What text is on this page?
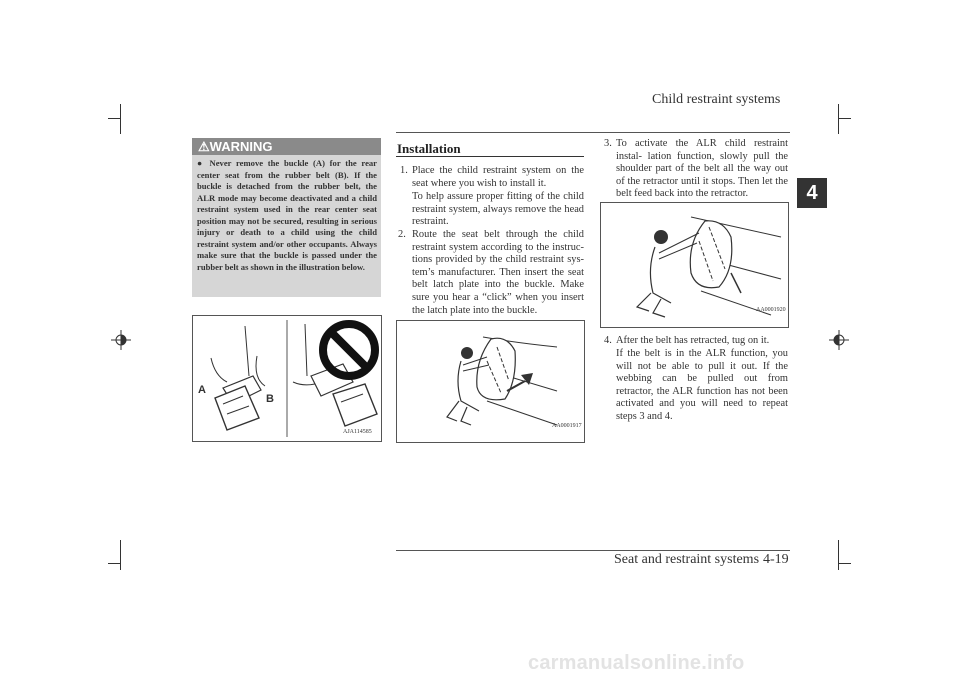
Child restraint systems
Seat and restraint systems 4-19
4
⚠WARNING
● Never remove the buckle (A) for the rear center seat from the rubber belt (B). If the buckle is detached from the rubber belt, the ALR mode may become deactivated and a child restraint system used in the rear center seat position may not be secured, resulting in serious injury or death to a child using the child restraint system and/or other occupants. Always make sure that the buckle is passed under the rubber belt as shown in the illustration below.
A
B
AJA114585
Installation
1. Place the child restraint system on the seat where you wish to install it.
To help assure proper fitting of the child restraint system, always remove the head restraint.
2. Route the seat belt through the child restraint system according to the instruc- tions provided by the child restraint sys- tem’s manufacturer. Then insert the seat belt latch plate into the buckle. Make sure you hear a “click” when you insert the latch plate into the buckle.
AA0001917
3. To activate the ALR child restraint instal- lation function, slowly pull the shoulder part of the belt all the way out of the retractor until it stops. Then let the belt feed back into the retractor.
AA0001920
4. After the belt has retracted, tug on it.
If the belt is in the ALR function, you will not be able to pull it out. If the webbing can be pulled out from retractor, the ALR function has not been activated and you will need to repeat steps 3 and 4.
carmanualsonline.info
